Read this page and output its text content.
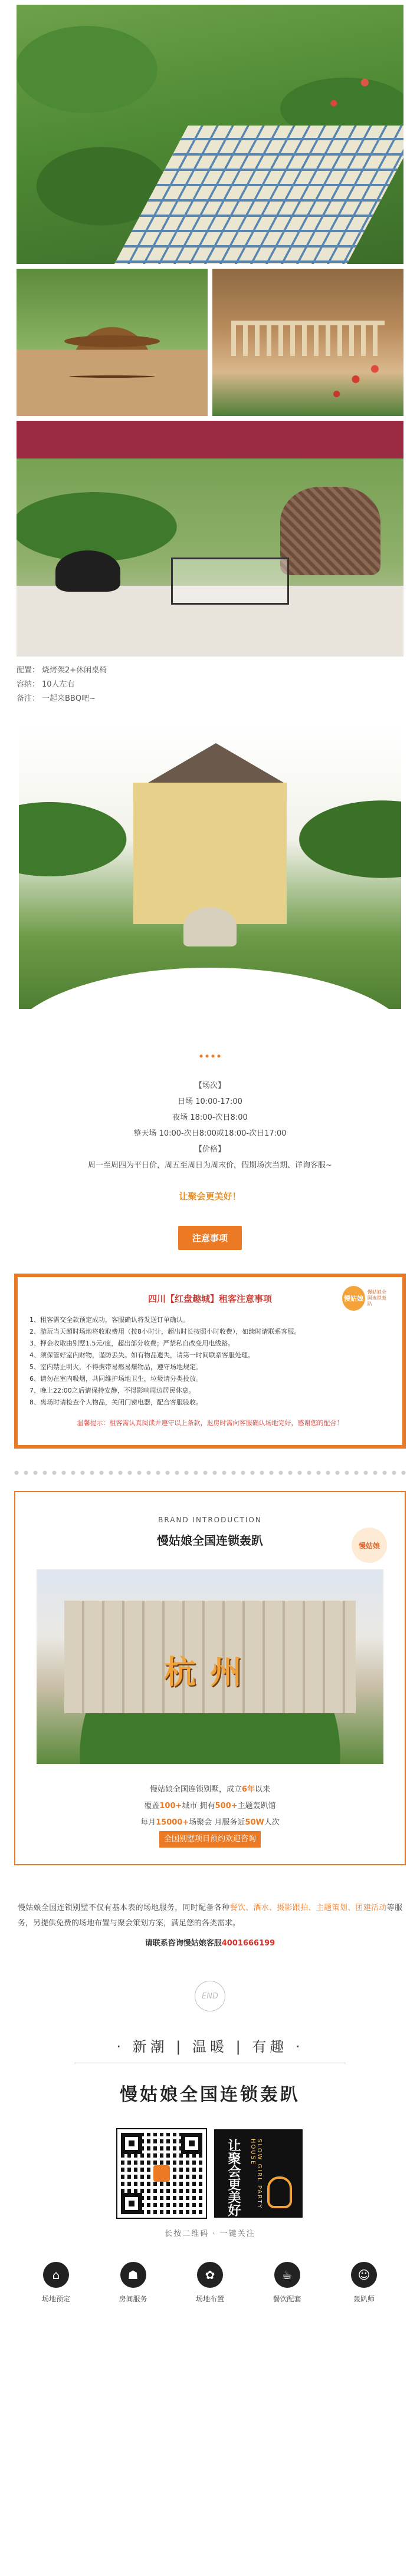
配置： 烧烤架2+休闲桌椅
容纳： 10人左右
备注： 一起来BBQ吧~
【场次】
日场 10:00-17:00
夜场 18:00-次日8:00
整天场 10:00-次日8:00或18:00-次日17:00
【价格】
周一至周四为平日价，周五至周日为周末价，假期场次当期、详询客服~
让聚会更美好！
注意事项
慢姑娘
慢姑娘全国连锁轰趴
四川【红盘趣城】租客注意事项
1、租客需交全款预定成功，客服确认将发送订单确认。
2、游玩当天超时场地将收取费用（按8小时计，超出时长按照小时收费），如续时请联系客服。
3、押金收取由别墅1.5元/度，超出部分收费；严禁私自改变用电线路。
4、须保管好室内财物，谨防丢失。如有物品遗失，请第一时间联系客服处理。
5、室内禁止明火，不得携带易燃易爆物品，遵守场地规定。
6、请勿在室内吸烟，共同维护场地卫生，垃圾请分类投放。
7、晚上22:00之后请保持安静，不得影响周边居民休息。
8、离场时请检查个人物品，关闭门窗电器，配合客服验收。
温馨提示：租客需认真阅读并遵守以上条款，退房时需向客服确认场地完好，感谢您的配合！
BRAND INTRODUCTION
慢姑娘全国连锁轰趴	慢姑娘
杭州
慢姑娘全国连锁别墅，成立6年以来
覆盖100+城市 拥有500+主题轰趴馆
每月15000+场聚会 月服务近50W人次
全国别墅项目预约欢迎咨询
慢姑娘全国连锁别墅不仅有基本表的场地服务，同时配备各种餐饮、酒水、摄影跟拍、主题策划、团建活动等服务，另提供免费的场地布置与聚会策划方案，满足您的各类需求。
请联系咨询慢姑娘客服4001666199
END
· 新潮 | 温暖 | 有趣 ·
慢姑娘全国连锁轰趴
让聚会更美好	SLOW GIRL PARTY HOUSE
长按二维码 · 一键关注
⌂
场地预定
☗
房间服务
✿
场地布置
☕
餐饮配套
☺
轰趴师
